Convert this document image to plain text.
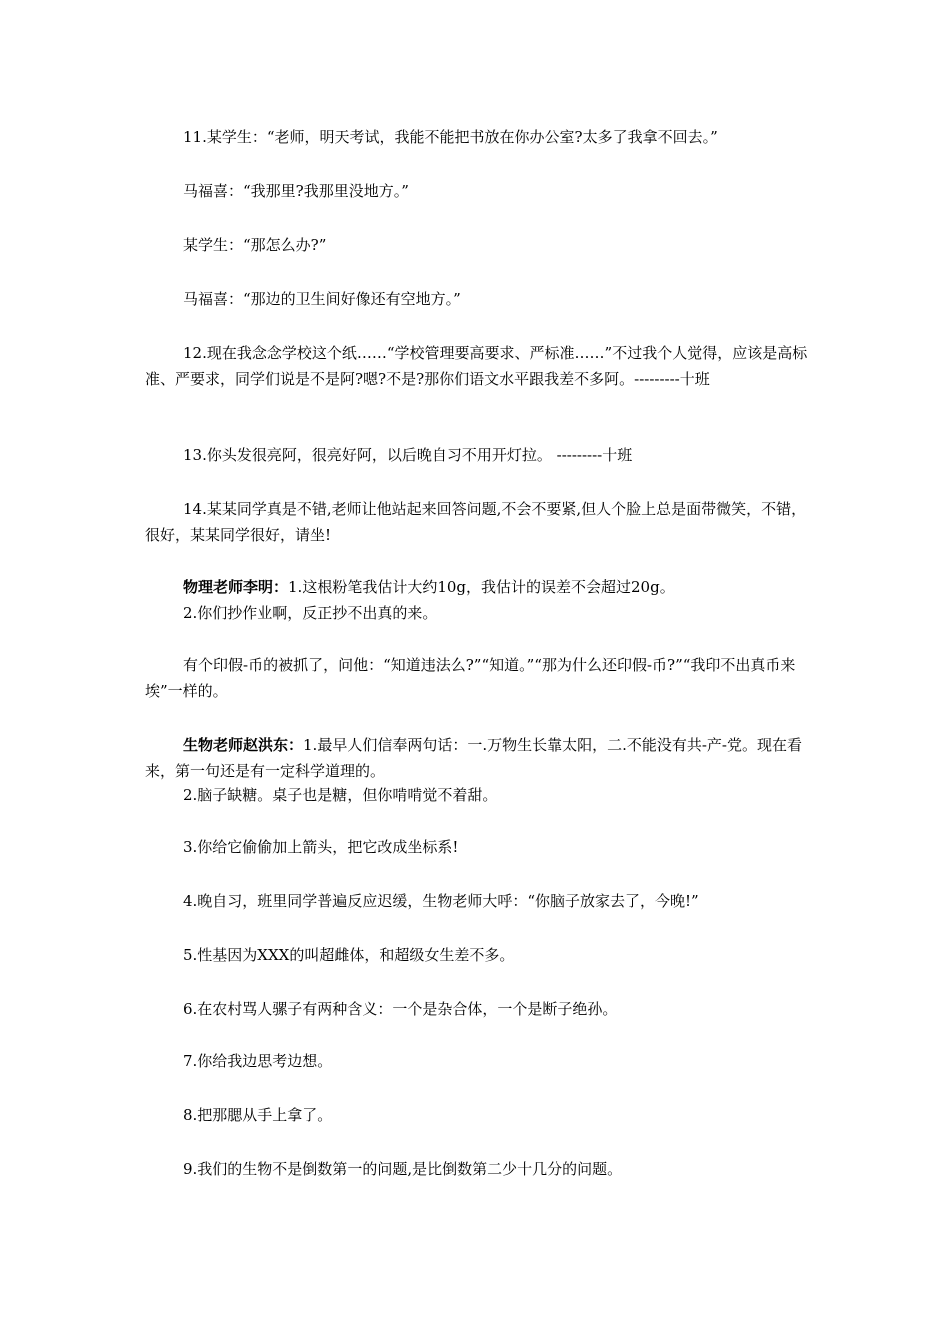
11.某学生：“老师，明天考试，我能不能把书放在你办公室?太多了我拿不回去。”

马福喜：“我那里?我那里没地方。”

某学生：“那怎么办?”

马福喜：“那边的卫生间好像还有空地方。”

12.现在我念念学校这个纸……“学校管理要高要求、严标准……”不过我个人觉得，应该是高标准、严要求，同学们说是不是阿?嗯?不是?那你们语文水平跟我差不多阿。---------十班

13.你头发很亮阿，很亮好阿，以后晚自习不用开灯拉。 ---------十班

14.某某同学真是不错,老师让他站起来回答问题,不会不要紧,但人个脸上总是面带微笑，不错，很好，某某同学很好，请坐!

物理老师李明：1.这根粉笔我估计大约10g，我估计的误差不会超过20g。

2.你们抄作业啊，反正抄不出真的来。

有个印假-币的被抓了，问他：“知道违法么?”“知道。”“那为什么还印假-币?”“我印不出真币来埃”一样的。

生物老师赵洪东：1.最早人们信奉两句话：一.万物生长靠太阳，二.不能没有共-产-党。现在看来，第一句还是有一定科学道理的。

2.脑子缺糖。桌子也是糖，但你啃啃觉不着甜。

3.你给它偷偷加上箭头，把它改成坐标系!

4.晚自习，班里同学普遍反应迟缓，生物老师大呼：“你脑子放家去了，今晚!”

5.性基因为XXX的叫超雌体，和超级女生差不多。

6.在农村骂人骡子有两种含义：一个是杂合体，一个是断子绝孙。

7.你给我边思考边想。

8.把那腮从手上拿了。

9.我们的生物不是倒数第一的问题,是比倒数第二少十几分的问题。
